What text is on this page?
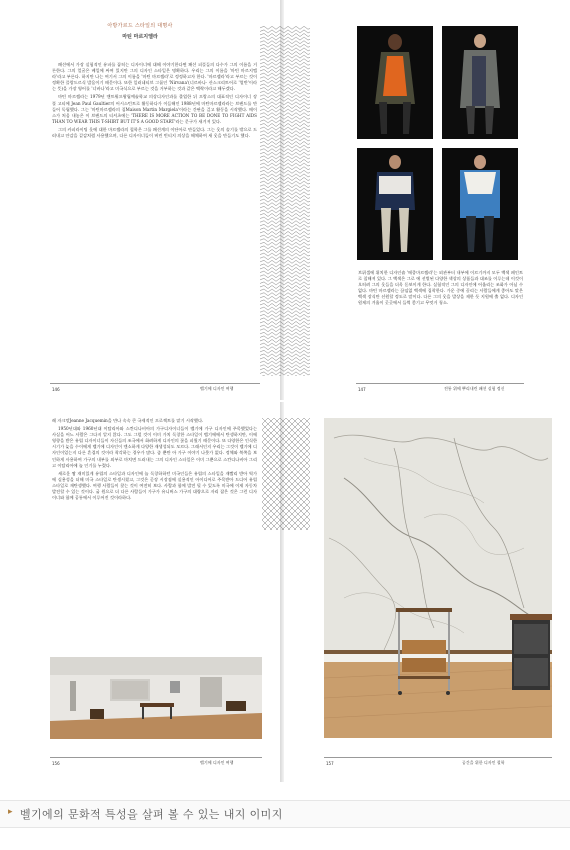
아방가르드 스타일의 대명사
마틴 마르지엘라

패션에서 가장 실험적인 유파를 꼽히는 디자이너에 대해 이야기한다면 패션 피플들의 다수가 그의 이름을 거론한다. 그의 얼굴은 베일에 싸여 있지만 그의 디자인 스타일은 명확하다. 우리는 그의 이름을 '마틴 마르지엘라'라고 부른다. 하지만 나는 여기서 그의 이름을 '마틴 마르젤라'로 정정하고자 한다. '마르젤라'라고 부르는 것이 정확한 플랑드르식 발음이기 때문이다. 또한 일러네티브 그룹인 'Nirvana'(너르바나· 산스크리트어로 '열반'이라는 뜻)을 가장 영어를 '너바나'라고 미국식으로 부르는 것을 거부하는 것과 같은 맥락이라고 해두겠다.

마틴 마르젤라는 1979년 앤트워프왕립예술학교 의상디자인과를 졸업한 뒤 프랑스의 대표적인 디자이너 장 폴 고티에 Jean Paul Gaultier의 어시스턴트로 활동하다가 이듬해인 1988년에 마틴마르젤라라는 브랜드를 만들어 독립했다. 그는 '마틴마르젤라의 집Maison Martin Margiela'이라는 간판을 걸고 활동을 시작했다. 메이스가 처음 내놓은 이 브랜드의 티셔츠에는 'THERE IS MORE ACTION TO BE DONE TO FIGHT AIDS THAN TO WEAR THIS T-SHIRT BUT IT'S A GOOD START'라는 문구가 새겨져 있다.

그의 카피라이팅 옷에 대한 마르젤라의 철학은 그를 패션계의 이단아로 만들었다. 그는 옷의 솔기를 밖으로 드러내고 안감을 겉감처럼 사용했으며, 다른 디자이너들이 버린 빈티지 의상을 해체하여 새 옷을 만들기도 했다.

146	벨기에 디자인 여행

브뤼셀에 위치한 디자인숍 '메종마르젤라'는 외관부터 내부에 이르기까지 모두 백색 페인트로 칠해져 있다. 그 백색은 그로 에 선별된 다양한 색상의 상품들과 대조를 이루는데 이것이 오히려 그의 옷들을 더욱 돋보이게 한다. 실험적인 그의 디자인에 어울리는 조화가 아닐 수 없다. 마틴 마르젤라는 끊임없 백색에 집착한다. 가운 중에 끌리는 사람들에게 좋아도 맞은 백색 장식만 선원할 정도로 말이다. 다른 그의 옷을 발상을 제한 듯 지원에 출 없다. 디자인 원제의 겨울이 곳곳에서 들썩 좋기고 무엇거 청소.

147	전통 위에 뿌리내린 패션 실험 정신

레 자크망Jeanne Jacquemin을 만나 속속 큰 국제적인 프로젝트를 맡기 시작했다.

1950년대와 1960년대 이탈리아와 스칸디나비아의 가구디자이너들이 벨기에 가구 디자인에 주목했었다는 사실을 어느 사람은 그다지 알지 않다. 그도 그럴 것이 이미 가치 독창한 스타일이 벨기에에서 탄생하지만, 이에 영향을 받은 유럽 디자이너들이 자신들의 조국에서 화려하게 디자인의 꽃을 피웠기 때문이다. 또 다양한은 인식한 시기가 늦을 수이에게 벨기에 디자인이 엔소하게 다양한 재생성되도 모르다. 그래서인지 우리는 그것이 벨기에 디자인이었는지 다른 흔겹의 것이라 착각하는 경우가 많다. 좀 뿐만 아 가구 이야기 나뭇가 없다. 정체와 북쪽을 보인하게 사용하여 가구의 내부를 외부로 마치면 드러내는 그의 디자인 스타일은 이미 그뿐으로 스칸디나비아 그리고 이탈리아에 늘 인기를 누렸다.

새로운 짬 재미있게 유럽의 스타일과 디자인에 늘 독창하하던 미국인들은 유럽의 스타일을 재빨리 받아 역가에 실용성을 더해 미국 스타일로 탄생시켰고, 그것은 곧장 시장점에 실용적인 아이디어로 주목받아 드디어 유럽 스타일로 재탄생했다. 여행 사람들이 찾는 것이 여전히 보다. 사람과 함께 발전 될 수 있도록 미국에 이제 자동차 발전할 수 있는 것이다. 굽 원으로 더 다른 사람들이 가구가 유니버스 가구의 대량으로 자리 잡은 것은 그런 디자이너와 함께 공통에서 이루어진 것이라하다.

156	벨기에 디자인 여행	157	공간을 위한 디자인 철학
▸ 벨기에의 문화적 특성을 살펴 볼 수 있는 내지 이미지
